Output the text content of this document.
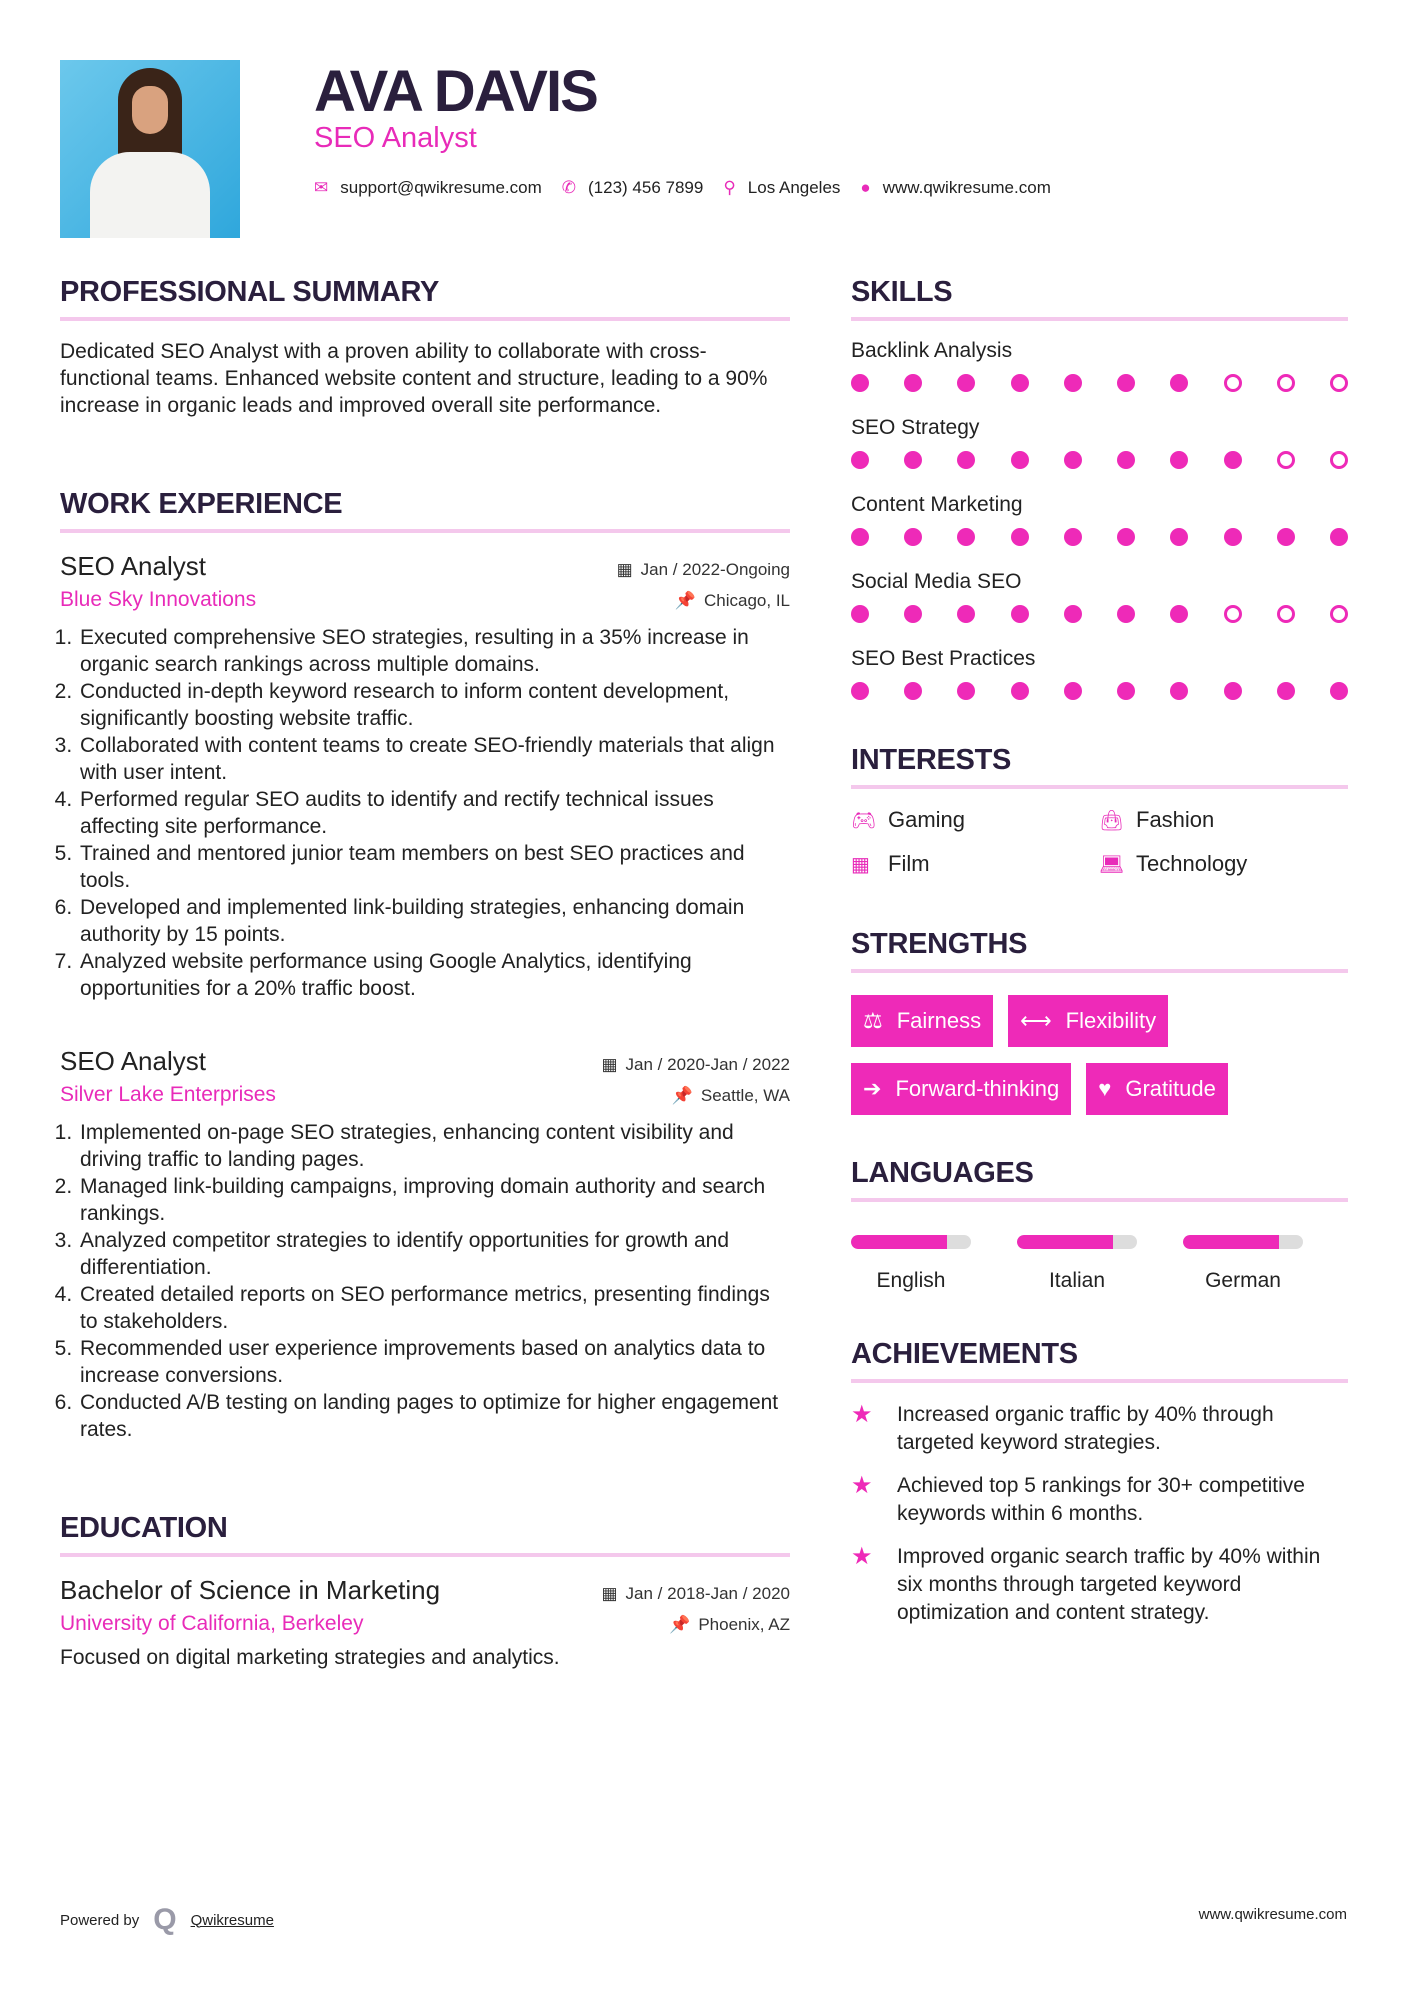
AVA DAVIS
SEO Analyst
✉ support@qwikresume.com ✆ (123) 456 7899 ⚲ Los Angeles ● www.qwikresume.com
PROFESSIONAL SUMMARY

Dedicated SEO Analyst with a proven ability to collaborate with cross-functional teams. Enhanced website content and structure, leading to a 90% increase in organic leads and improved overall site performance.

WORK EXPERIENCE
SEO Analyst	▦ Jan / 2022-Ongoing
Blue Sky Innovations	📌 Chicago, IL
1. Executed comprehensive SEO strategies, resulting in a 35% increase in organic search rankings across multiple domains.
2. Conducted in-depth keyword research to inform content development, significantly boosting website traffic.
3. Collaborated with content teams to create SEO-friendly materials that align with user intent.
4. Performed regular SEO audits to identify and rectify technical issues affecting site performance.
5. Trained and mentored junior team members on best SEO practices and tools.
6. Developed and implemented link-building strategies, enhancing domain authority by 15 points.
7. Analyzed website performance using Google Analytics, identifying opportunities for a 20% traffic boost.
SEO Analyst	▦ Jan / 2020-Jan / 2022
Silver Lake Enterprises	📌 Seattle, WA
1. Implemented on-page SEO strategies, enhancing content visibility and driving traffic to landing pages.
2. Managed link-building campaigns, improving domain authority and search rankings.
3. Analyzed competitor strategies to identify opportunities for growth and differentiation.
4. Created detailed reports on SEO performance metrics, presenting findings to stakeholders.
5. Recommended user experience improvements based on analytics data to increase conversions.
6. Conducted A/B testing on landing pages to optimize for higher engagement rates.
EDUCATION
Bachelor of Science in Marketing	▦ Jan / 2018-Jan / 2020
University of California, Berkeley	📌 Phoenix, AZ

Focused on digital marketing strategies and analytics.

SKILLS
Backlink Analysis
SEO Strategy
Content Marketing
Social Media SEO
SEO Best Practices
INTERESTS
🎮︎ Gaming	👜︎ Fashion
▦ Film	💻︎ Technology
STRENGTHS
⚖ Fairness ⟷ Flexibility
➔ Forward-thinking ♥ Gratitude
LANGUAGES
English	Italian	German
ACHIEVEMENTS
★	Increased organic traffic by 40% through targeted keyword strategies.
★	Achieved top 5 rankings for 30+ competitive keywords within 6 months.
★	Improved organic search traffic by 40% within six months through targeted keyword optimization and content strategy.
Powered by Q Qwikresume	www.qwikresume.com
